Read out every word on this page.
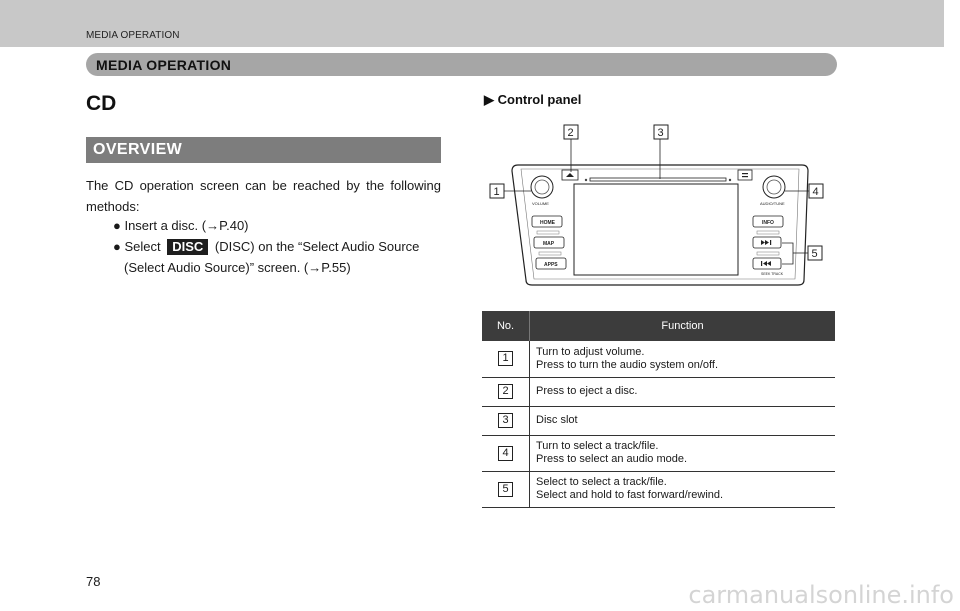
MEDIA OPERATION
MEDIA OPERATION
CD
OVERVIEW
The CD operation screen can be reached by the following methods:
● Insert a disc. (→P.40)
● Select DISC (DISC) on the “Select Audio Source
(Select Audio Source)” screen. (→P.55)
▶ Control panel
VOLUME	AUDIO/TUNE
HOME
MAP
APPS
INFO
SEEK TRACK
2	3
1	4
5
No.	Function
1	Turn to adjust volume.
Press to turn the audio system on/off.

2	Press to eject a disc.

3	Disc slot

4	Turn to select a track/file.
Press to select an audio mode.

5	Select to select a track/file.
Select and hold to fast forward/rewind.
78	carmanualsonline.info
